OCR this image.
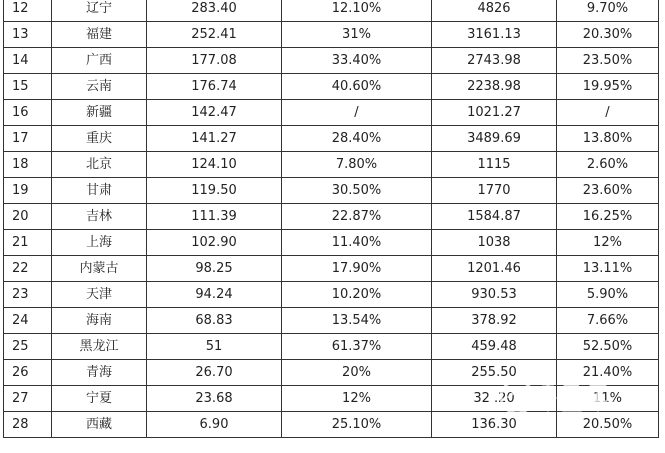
12	辽宁	283.40	12.10%	4826	9.70%
13	福建	252.41	31%	3161.13	20.30%
14	广西	177.08	33.40%	2743.98	23.50%
15	云南	176.74	40.60%	2238.98	19.95%
16	新疆	142.47	/	1021.27	/
17	重庆	141.27	28.40%	3489.69	13.80%
18	北京	124.10	7.80%	1115	2.60%
19	甘肃	119.50	30.50%	1770	23.60%
20	吉林	111.39	22.87%	1584.87	16.25%
21	上海	102.90	11.40%	1038	12%
22	内蒙古	98.25	17.90%	1201.46	13.11%
23	天津	94.24	10.20%	930.53	5.90%
24	海南	68.83	13.54%	378.92	7.66%
25	黑龙江	51	61.37%	459.48	52.50%
26	青海	26.70	20%	255.50	21.40%
27	宁夏	23.68	12%	32 .20	11%
28	西藏	6.90	25.10%	136.30	20.50%
